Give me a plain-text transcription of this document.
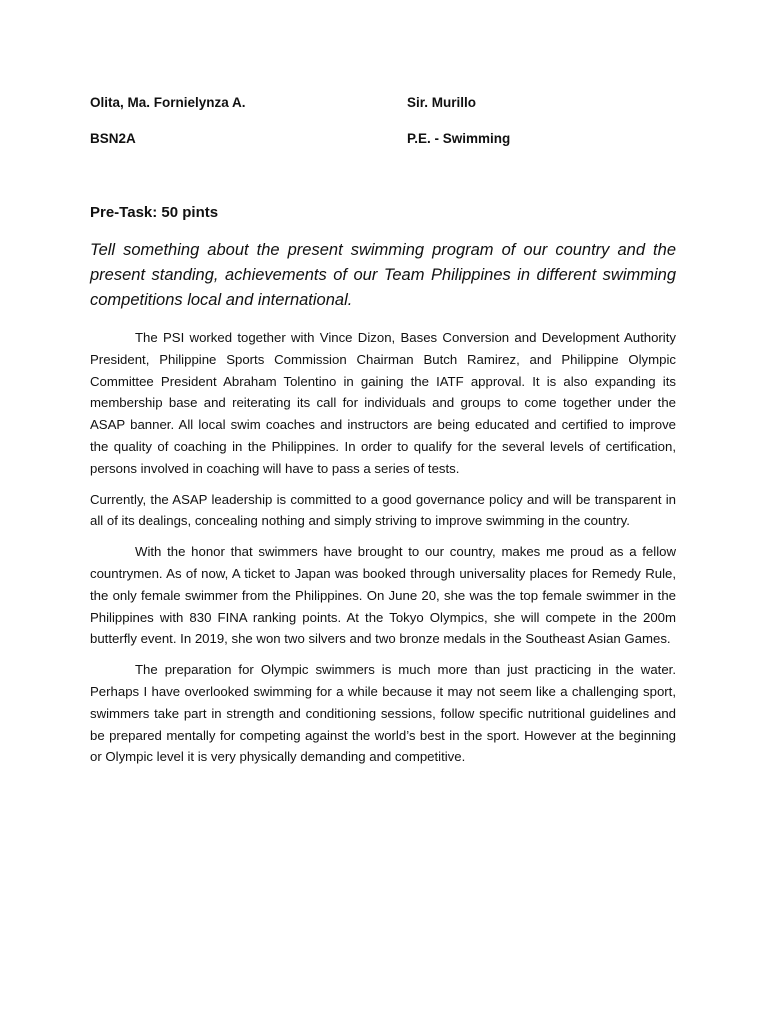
Olita, Ma. Fornielynza A.	Sir. Murillo
BSN2A	P.E. - Swimming
Pre-Task: 50 pints
Tell something about the present swimming program of our country and the present standing, achievements of our Team Philippines in different swimming competitions local and international.

The PSI worked together with Vince Dizon, Bases Conversion and Development Authority President, Philippine Sports Commission Chairman Butch Ramirez, and Philippine Olympic Committee President Abraham Tolentino in gaining the IATF approval. It is also expanding its membership base and reiterating its call for individuals and groups to come together under the ASAP banner. All local swim coaches and instructors are being educated and certified to improve the quality of coaching in the Philippines. In order to qualify for the several levels of certification, persons involved in coaching will have to pass a series of tests.

Currently, the ASAP leadership is committed to a good governance policy and will be transparent in all of its dealings, concealing nothing and simply striving to improve swimming in the country.

With the honor that swimmers have brought to our country, makes me proud as a fellow countrymen. As of now, A ticket to Japan was booked through universality places for Remedy Rule, the only female swimmer from the Philippines. On June 20, she was the top female swimmer in the Philippines with 830 FINA ranking points. At the Tokyo Olympics, she will compete in the 200m butterfly event. In 2019, she won two silvers and two bronze medals in the Southeast Asian Games.

The preparation for Olympic swimmers is much more than just practicing in the water. Perhaps I have overlooked swimming for a while because it may not seem like a challenging sport, swimmers take part in strength and conditioning sessions, follow specific nutritional guidelines and be prepared mentally for competing against the world’s best in the sport. However at the beginning or Olympic level it is very physically demanding and competitive.
